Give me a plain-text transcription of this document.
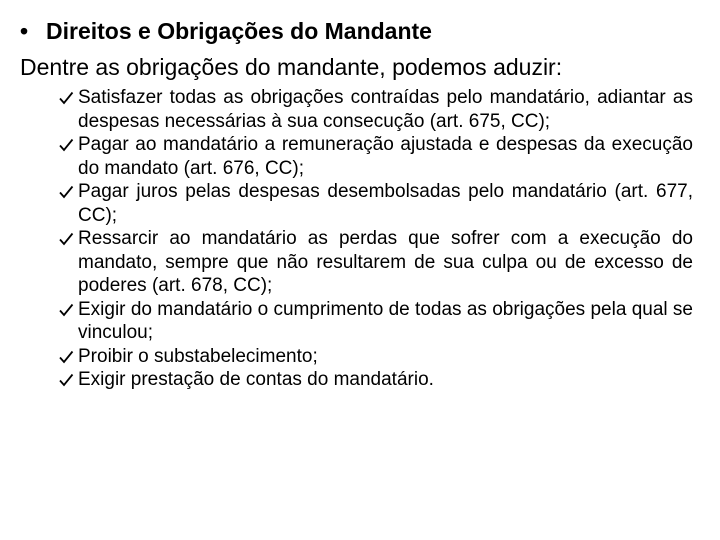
• Direitos e Obrigações do Mandante
Dentre as obrigações do mandante, podemos aduzir:
Satisfazer todas as obrigações contraídas pelo mandatário, adiantar as despesas necessárias à sua consecução (art. 675, CC);
Pagar ao mandatário a remuneração ajustada e despesas da execução do mandato (art. 676, CC);
Pagar juros pelas despesas desembolsadas pelo mandatário (art. 677, CC);
Ressarcir ao mandatário as perdas que sofrer com a execução do mandato, sempre que não resultarem de sua culpa ou de excesso de poderes (art. 678, CC);
Exigir do mandatário o cumprimento de todas as obrigações pela qual se vinculou;
Proibir o substabelecimento;
Exigir prestação de contas do mandatário.
